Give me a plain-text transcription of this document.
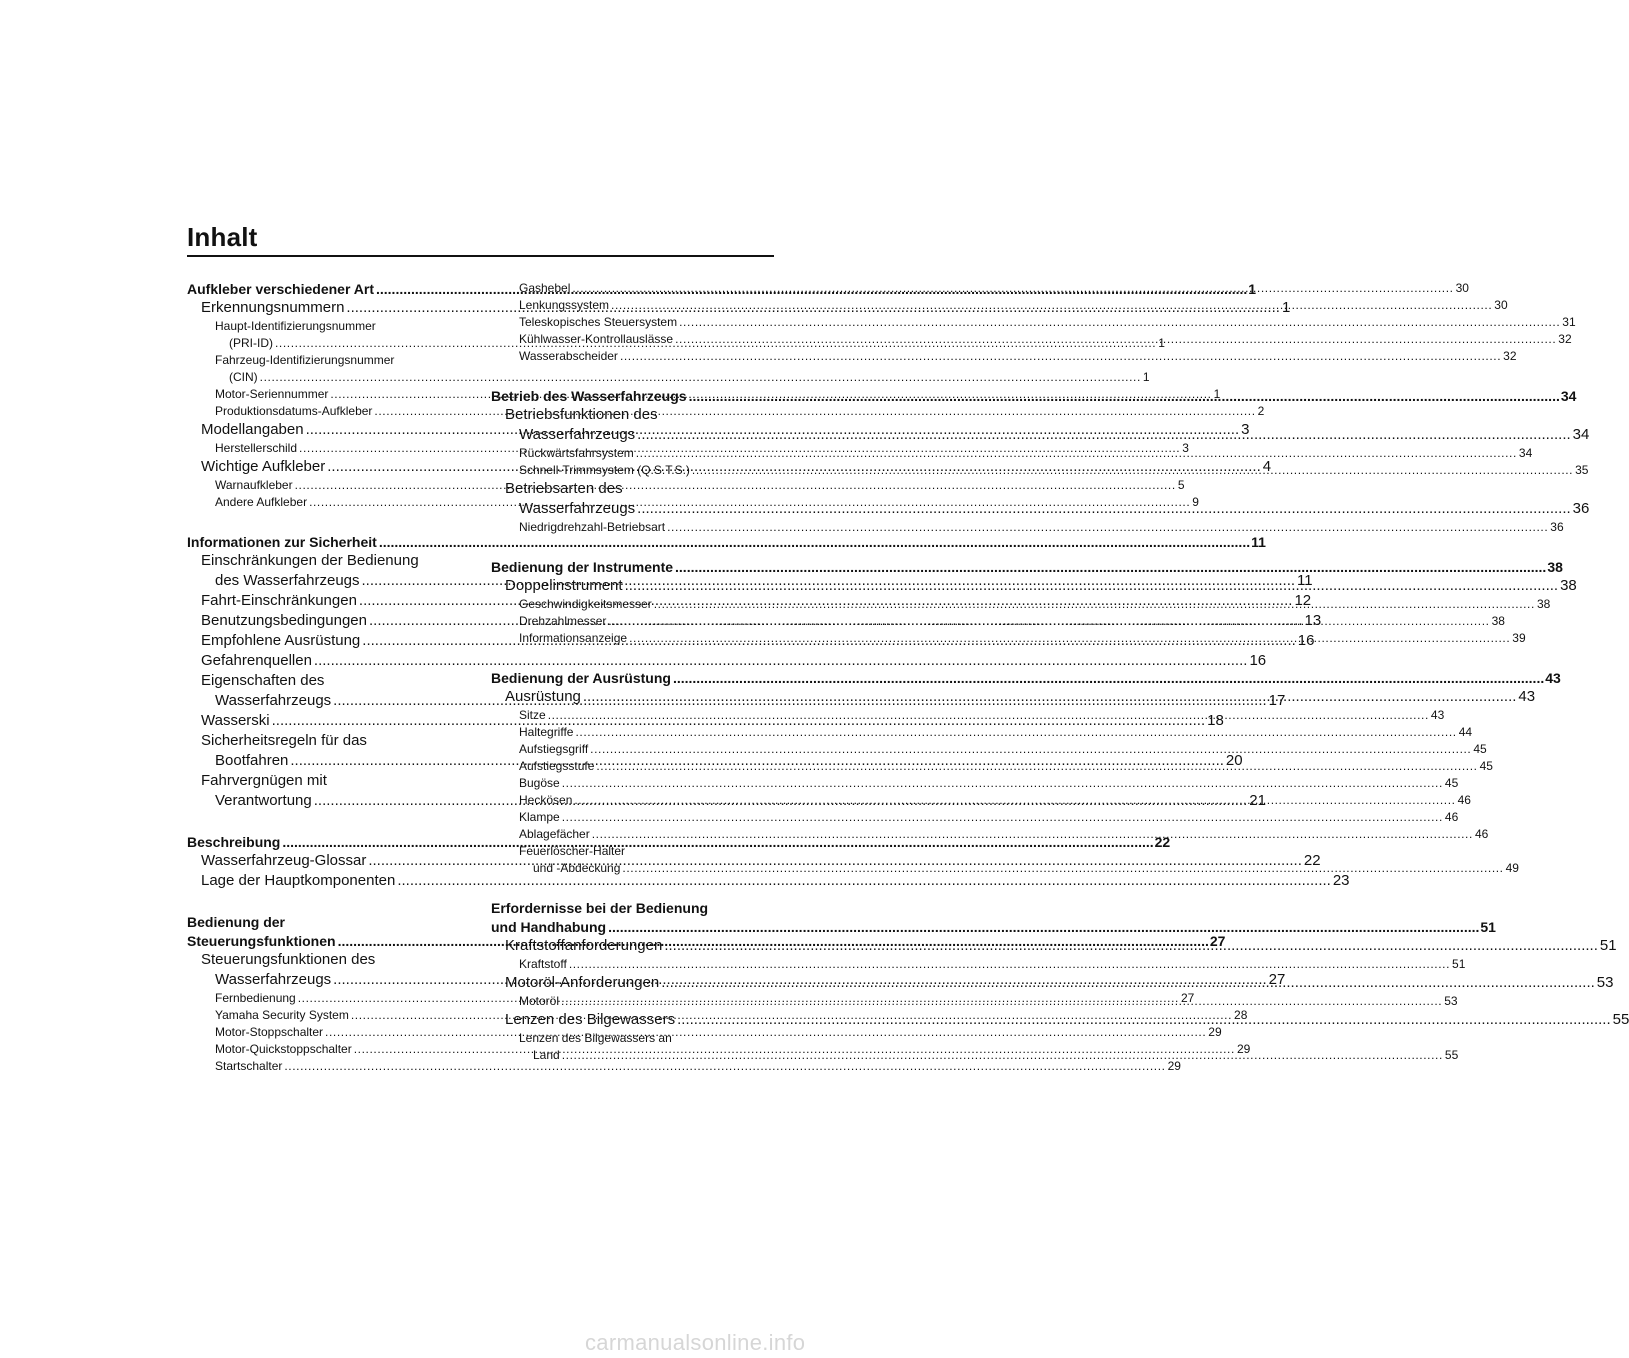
Inhalt
Aufkleber verschiedener Art .....	1
Erkennungsnummern .....	1
Haupt-Identifizierungsnummer
(PRI-ID) .....	1
Fahrzeug-Identifizierungsnummer
(CIN) .....	1
Motor-Seriennummer .....	1
Produktionsdatums-Aufkleber .....	2
Modellangaben .....	3
Herstellerschild .....	3
Wichtige Aufkleber .....	4
Warnaufkleber .....	5
Andere Aufkleber .....	9
Informationen zur Sicherheit .....	11
Einschränkungen der Bedienung
des Wasserfahrzeugs .....	11
Fahrt-Einschränkungen .....	12
Benutzungsbedingungen .....	13
Empfohlene Ausrüstung .....	16
Gefahrenquellen .....	16
Eigenschaften des
Wasserfahrzeugs .....	17
Wasserski .....	18
Sicherheitsregeln für das
Bootfahren .....	20
Fahrvergnügen mit
Verantwortung .....	21
Beschreibung .....	22
Wasserfahrzeug-Glossar .....	22
Lage der Hauptkomponenten .....	23
Bedienung der
Steuerungsfunktionen .....	27
Steuerungsfunktionen des
Wasserfahrzeugs .....	27
Fernbedienung .....	27
Yamaha Security System .....	28
Motor-Stoppschalter .....	29
Motor-Quickstoppschalter .....	29
Startschalter .....	29
Gashebel .....	30
Lenkungssystem .....	30
Teleskopisches Steuersystem .....	31
Kühlwasser-Kontrollauslässe .....	32
Wasserabscheider .....	32
Betrieb des Wasserfahrzeugs .....	34
Betriebsfunktionen des
Wasserfahrzeugs .....	34
Rückwärtsfahrsystem .....	34
Schnell-Trimmsystem (Q.S.T.S.) .....	35
Betriebsarten des
Wasserfahrzeugs .....	36
Niedrigdrehzahl-Betriebsart .....	36
Bedienung der Instrumente .....	38
Doppelinstrument .....	38
Geschwindigkeitsmesser .....	38
Drehzahlmesser .....	38
Informationsanzeige .....	39
Bedienung der Ausrüstung .....	43
Ausrüstung .....	43
Sitze .....	43
Haltegriffe .....	44
Aufstiegsgriff .....	45
Aufstiegsstufe .....	45
Bugöse .....	45
Heckösen .....	46
Klampe .....	46
Ablagefächer .....	46
Feuerlöscher-Halter
und -Abdeckung .....	49
Erfordernisse bei der Bedienung
und Handhabung .....	51
Kraftstoffanforderungen .....	51
Kraftstoff .....	51
Motoröl-Anforderungen .....	53
Motoröl .....	53
Lenzen des Bilgewassers .....	55
Lenzen des Bilgewassers an
Land .....	55
carmanualsonline.info
